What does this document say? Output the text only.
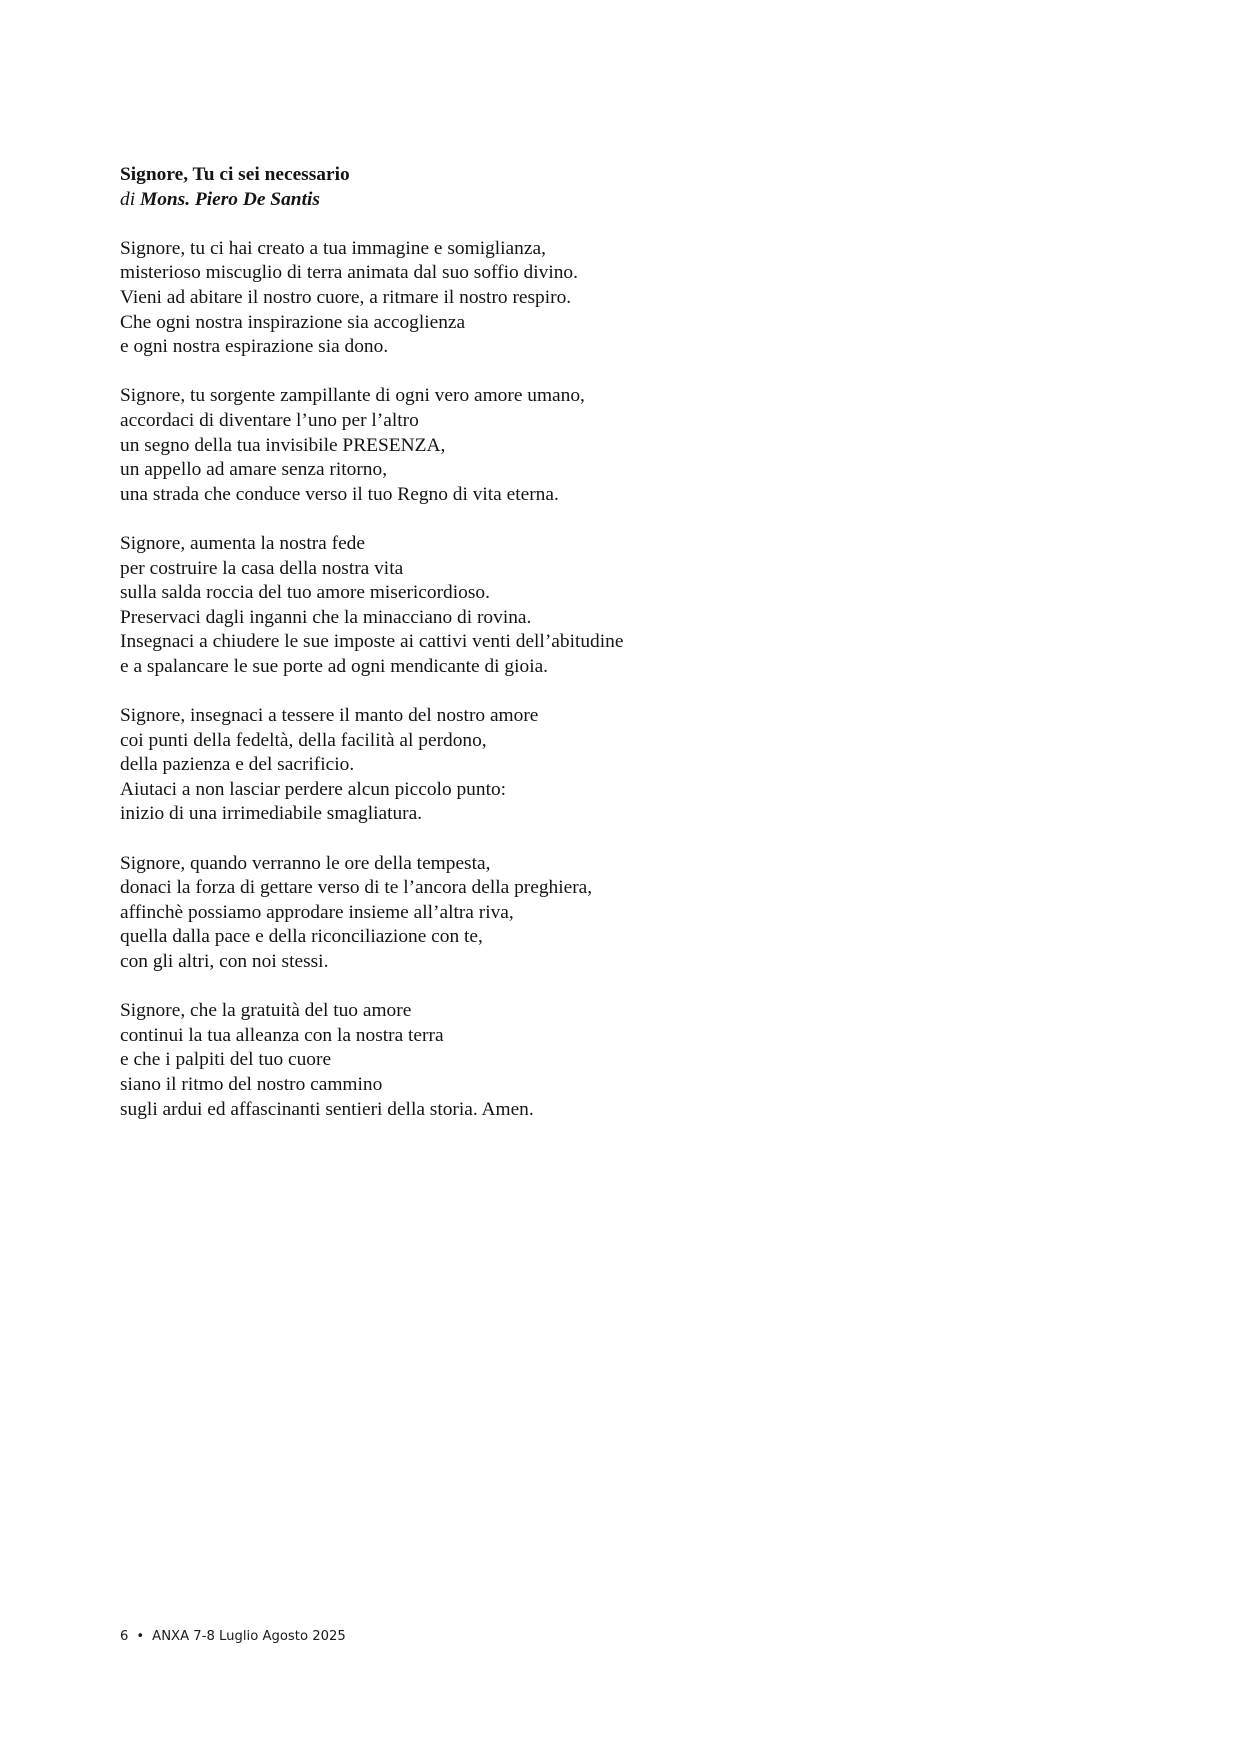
Signore, Tu ci sei necessario

di Mons. Piero De Santis

Signore, tu ci hai creato a tua immagine e somiglianza,
misterioso miscuglio di terra animata dal suo soffio divino.
Vieni ad abitare il nostro cuore, a ritmare il nostro respiro.
Che ogni nostra inspirazione sia accoglienza
e ogni nostra espirazione sia dono.
Signore, tu sorgente zampillante di ogni vero amore umano,
accordaci di diventare l’uno per l’altro
un segno della tua invisibile PRESENZA,
un appello ad amare senza ritorno,
una strada che conduce verso il tuo Regno di vita eterna.
Signore, aumenta la nostra fede
per costruire la casa della nostra vita
sulla salda roccia del tuo amore misericordioso.
Preservaci dagli inganni che la minacciano di rovina.
Insegnaci a chiudere le sue imposte ai cattivi venti dell’abitudine
e a spalancare le sue porte ad ogni mendicante di gioia.
Signore, insegnaci a tessere il manto del nostro amore
coi punti della fedeltà, della facilità al perdono,
della pazienza e del sacrificio.
Aiutaci a non lasciar perdere alcun piccolo punto:
inizio di una irrimediabile smagliatura.
Signore, quando verranno le ore della tempesta,
donaci la forza di gettare verso di te l’ancora della preghiera,
affinchè possiamo approdare insieme all’altra riva,
quella dalla pace e della riconciliazione con te,
con gli altri, con noi stessi.
Signore, che la gratuità del tuo amore
continui la tua alleanza con la nostra terra
e che i palpiti del tuo cuore
siano il ritmo del nostro cammino
sugli ardui ed affascinanti sentieri della storia. Amen.
6 • ANXA 7-8 Luglio Agosto 2025
